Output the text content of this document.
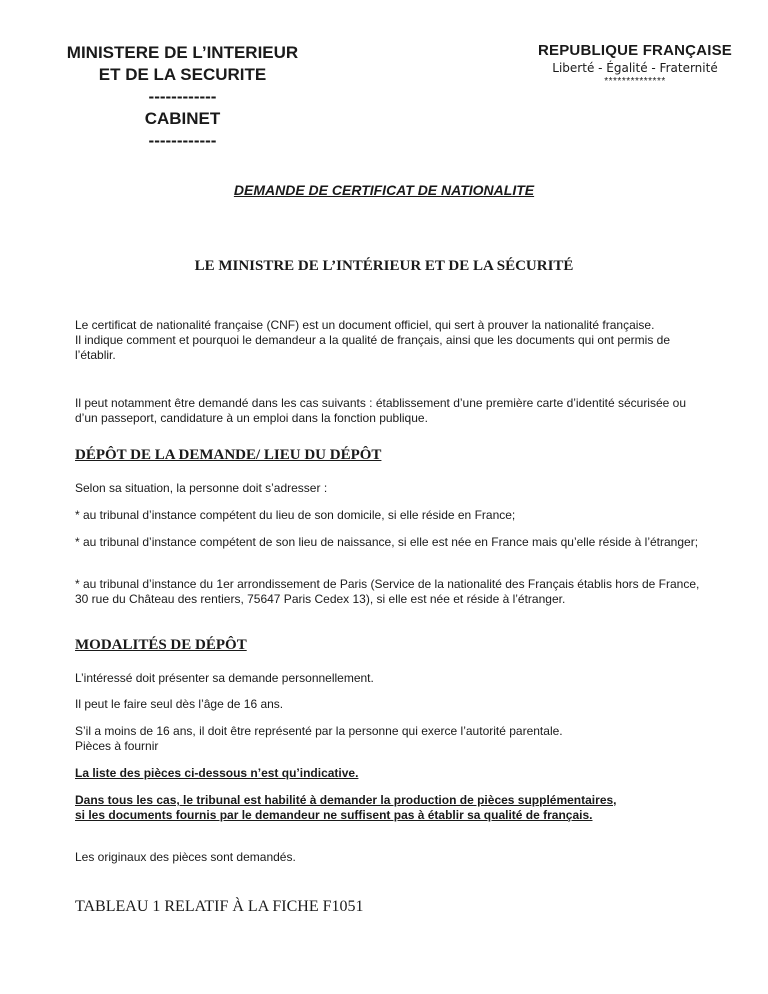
MINISTERE DE L’INTERIEUR
ET DE LA SECURITE
------------
CABINET
------------
REPUBLIQUE FRANÇAISE
Liberté - Égalité - Fraternité
**************
DEMANDE DE CERTIFICAT DE NATIONALITE
LE MINISTRE DE L’INTÉRIEUR ET DE LA SÉCURITÉ

Le certificat de nationalité française (CNF) est un document officiel, qui sert à prouver la nationalité française.
Il indique comment et pourquoi le demandeur a la qualité de français, ainsi que les documents qui ont permis de l’établir.

Il peut notamment être demandé dans les cas suivants : établissement d’une première carte d’identité sécurisée ou d’un passeport, candidature à un emploi dans la fonction publique.

DÉPÔT DE LA DEMANDE/ LIEU DU DÉPÔT

Selon sa situation, la personne doit s’adresser :

* au tribunal d’instance compétent du lieu de son domicile, si elle réside en France;

* au tribunal d’instance compétent de son lieu de naissance, si elle est née en France mais qu’elle réside à l’étranger;

* au tribunal d’instance du 1er arrondissement de Paris (Service de la nationalité des Français établis hors de France, 30 rue du Château des rentiers, 75647 Paris Cedex 13), si elle est née et réside à l’étranger.

MODALITÉS DE DÉPÔT

L’intéressé doit présenter sa demande personnellement.

Il peut le faire seul dès l’âge de 16 ans.

S’il a moins de 16 ans, il doit être représenté par la personne qui exerce l’autorité parentale.
Pièces à fournir

La liste des pièces ci-dessous n’est qu’indicative.

Dans tous les cas, le tribunal est habilité à demander la production de pièces supplémentaires,
si les documents fournis par le demandeur ne suffisent pas à établir sa qualité de français.

Les originaux des pièces sont demandés.

TABLEAU 1 RELATIF À LA FICHE F1051
